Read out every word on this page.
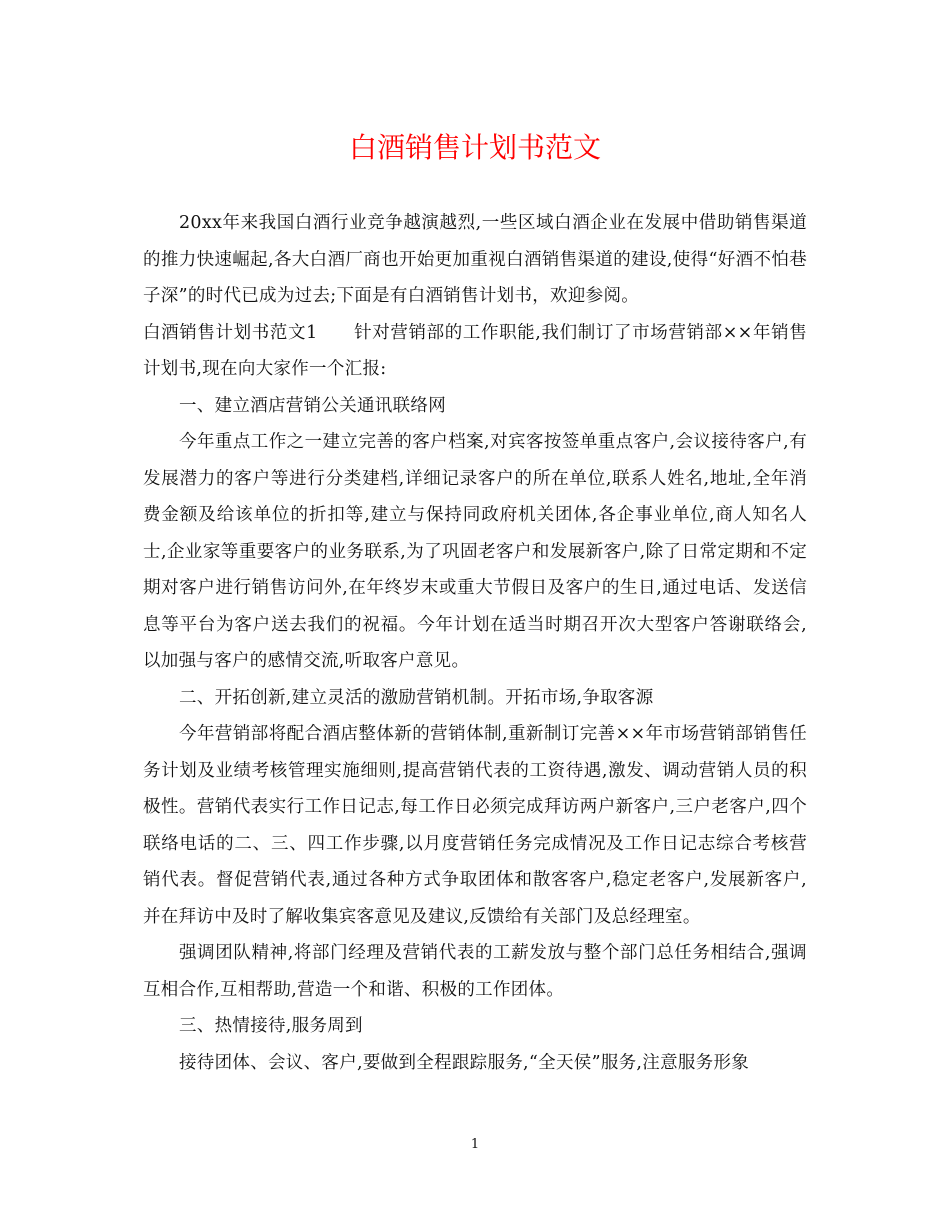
白酒销售计划书范文

20xx年来我国白酒行业竞争越演越烈,一些区域白酒企业在发展中借助销售渠道的推力快速崛起,各大白酒厂商也开始更加重视白酒销售渠道的建设,使得“好酒不怕巷子深”的时代已成为过去;下面是有白酒销售计划书，欢迎参阅。

白酒销售计划书范文1　　针对营销部的工作职能,我们制订了市场营销部××年销售计划书,现在向大家作一个汇报:

一、建立酒店营销公关通讯联络网

今年重点工作之一建立完善的客户档案,对宾客按签单重点客户,会议接待客户,有发展潜力的客户等进行分类建档,详细记录客户的所在单位,联系人姓名,地址,全年消费金额及给该单位的折扣等,建立与保持同政府机关团体,各企事业单位,商人知名人士,企业家等重要客户的业务联系,为了巩固老客户和发展新客户,除了日常定期和不定期对客户进行销售访问外,在年终岁末或重大节假日及客户的生日,通过电话、发送信息等平台为客户送去我们的祝福。今年计划在适当时期召开次大型客户答谢联络会,以加强与客户的感情交流,听取客户意见。

二、开拓创新,建立灵活的激励营销机制。开拓市场,争取客源

今年营销部将配合酒店整体新的营销体制,重新制订完善××年市场营销部销售任务计划及业绩考核管理实施细则,提高营销代表的工资待遇,激发、调动营销人员的积极性。营销代表实行工作日记志,每工作日必须完成拜访两户新客户,三户老客户,四个联络电话的二、三、四工作步骤,以月度营销任务完成情况及工作日记志综合考核营销代表。督促营销代表,通过各种方式争取团体和散客客户,稳定老客户,发展新客户,并在拜访中及时了解收集宾客意见及建议,反馈给有关部门及总经理室。

强调团队精神,将部门经理及营销代表的工薪发放与整个部门总任务相结合,强调互相合作,互相帮助,营造一个和谐、积极的工作团体。

三、热情接待,服务周到

接待团体、会议、客户,要做到全程跟踪服务,“全天侯”服务,注意服务形象

1
